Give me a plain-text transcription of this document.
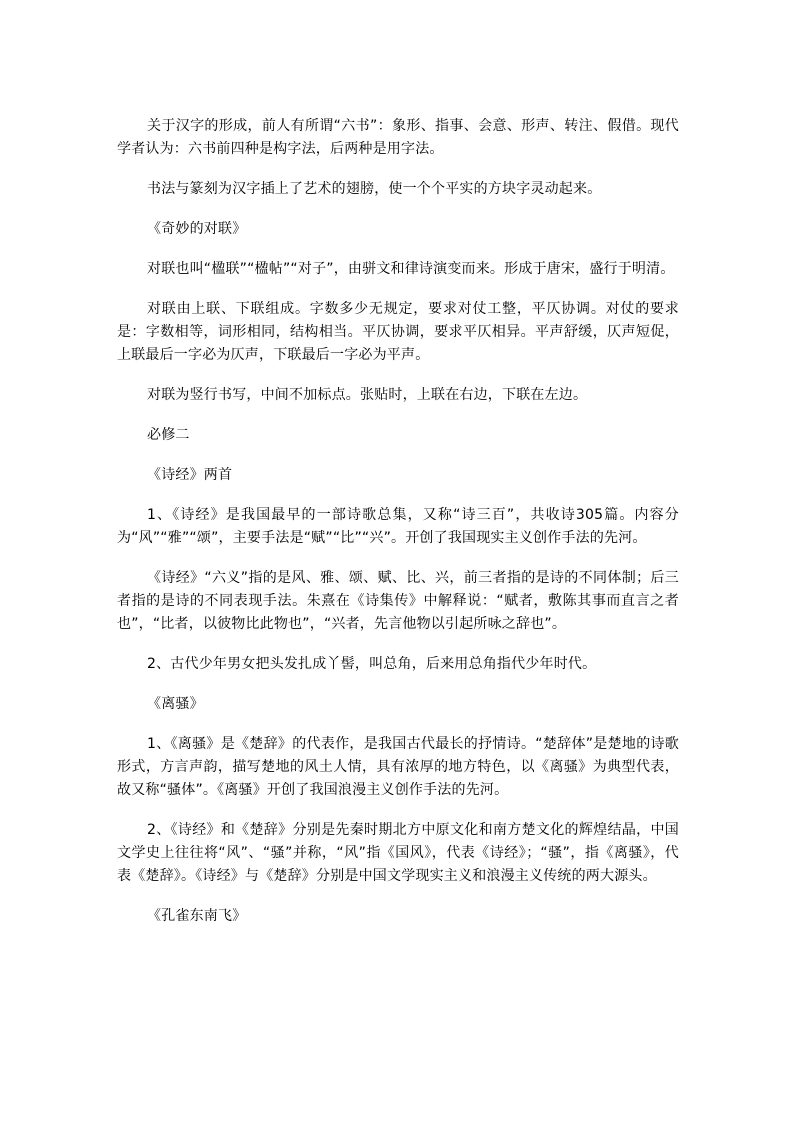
关于汉字的形成，前人有所谓“六书”：象形、指事、会意、形声、转注、假借。现代学者认为：六书前四种是构字法，后两种是用字法。

书法与篆刻为汉字插上了艺术的翅膀，使一个个平实的方块字灵动起来。

《奇妙的对联》

对联也叫“楹联”“楹帖”“对子”，由骈文和律诗演变而来。形成于唐宋，盛行于明清。

对联由上联、下联组成。字数多少无规定，要求对仗工整，平仄协调。对仗的要求是：字数相等，词形相同，结构相当。平仄协调，要求平仄相异。平声舒缓，仄声短促，上联最后一字必为仄声，下联最后一字必为平声。

对联为竖行书写，中间不加标点。张贴时，上联在右边，下联在左边。

必修二

《诗经》两首

1、《诗经》是我国最早的一部诗歌总集，又称“诗三百”，共收诗305篇。内容分为“风”“雅”“颂”，主要手法是“赋”“比”“兴”。开创了我国现实主义创作手法的先河。

《诗经》“六义”指的是风、雅、颂、赋、比、兴，前三者指的是诗的不同体制；后三者指的是诗的不同表现手法。朱熹在《诗集传》中解释说：“赋者，敷陈其事而直言之者也”，“比者，以彼物比此物也”，“兴者，先言他物以引起所咏之辞也”。

2、古代少年男女把头发扎成丫髻，叫总角，后来用总角指代少年时代。

《离骚》

1、《离骚》是《楚辞》的代表作，是我国古代最长的抒情诗。“楚辞体”是楚地的诗歌形式，方言声韵，描写楚地的风土人情，具有浓厚的地方特色，以《离骚》为典型代表，故又称“骚体”。《离骚》开创了我国浪漫主义创作手法的先河。

2、《诗经》和《楚辞》分别是先秦时期北方中原文化和南方楚文化的辉煌结晶，中国文学史上往往将“风”、“骚”并称，“风”指《国风》，代表《诗经》；“骚”，指《离骚》，代表《楚辞》。《诗经》与《楚辞》分别是中国文学现实主义和浪漫主义传统的两大源头。

《孔雀东南飞》
